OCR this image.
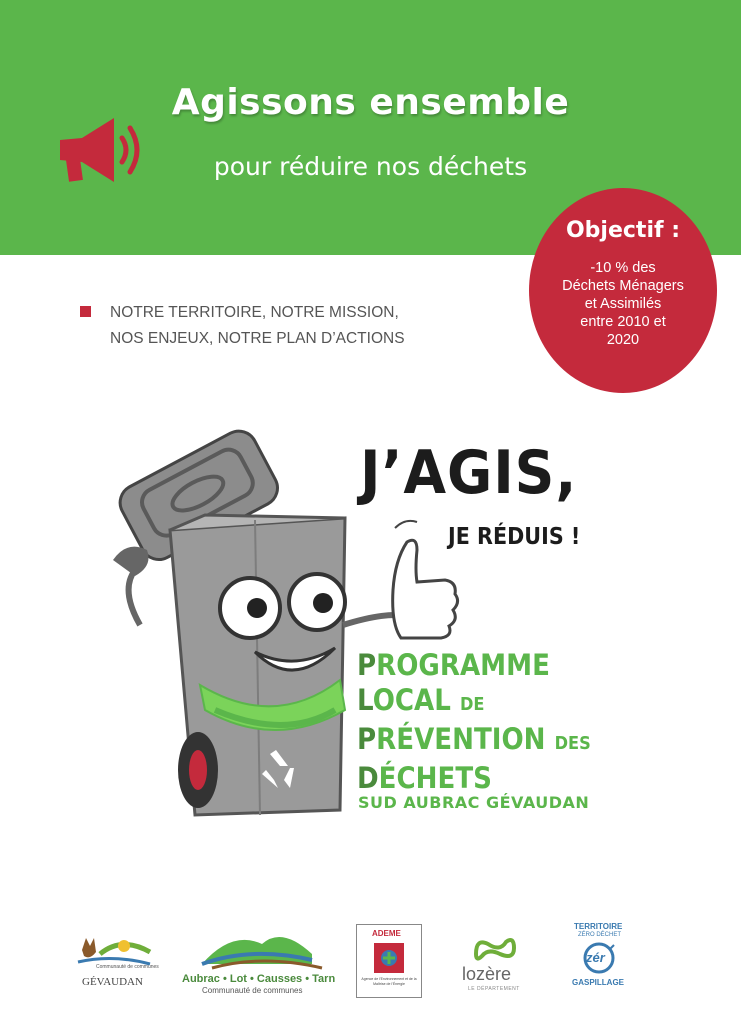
Agissons ensemble
pour réduire nos déchets
Objectif :
-10 % des
Déchets Ménagers
et Assimilés
entre 2010 et
2020
NOTRE TERRITOIRE, NOTRE MISSION,
NOS ENJEUX, NOTRE PLAN D’ACTIONS
J’AGIS,
JE RÉDUIS !
PROGRAMME
LOCAL DE
PRÉVENTION DES
DÉCHETS
SUD AUBRAC GÉVAUDAN
Communauté de communes
GÉVAUDAN	Aubrac • Lot • Causses • Tarn
Communauté de communes
ADEME
Agence de l'Environnement et de la Maîtrise de l'Énergie	lozère
LE DÉPARTEMENT
TERRITOIRE
ZÉRO DÉCHET
zér
GASPILLAGE
